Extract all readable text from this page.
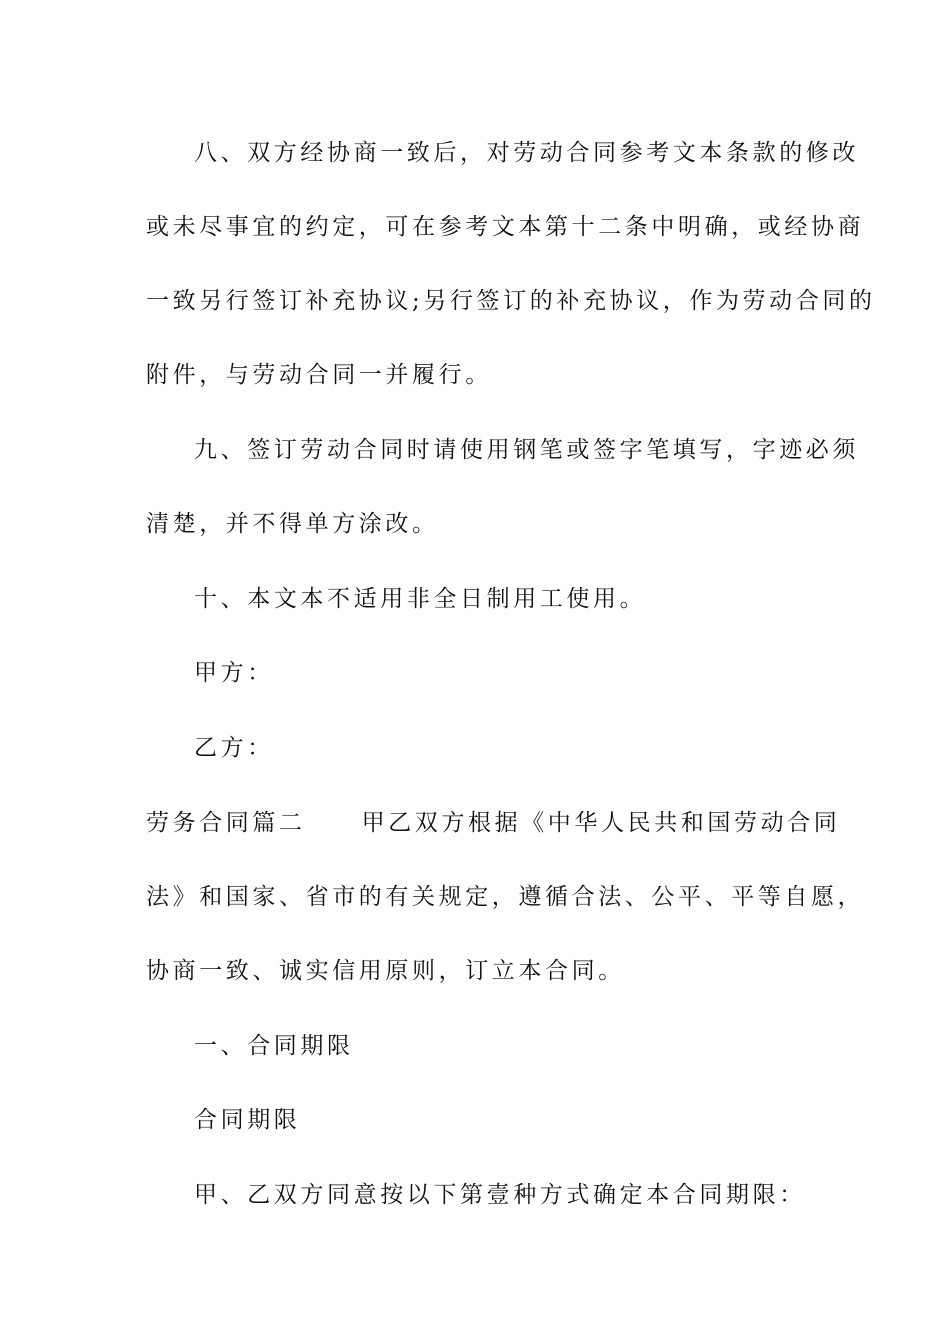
八、双方经协商一致后，对劳动合同参考文本条款的修改
或未尽事宜的约定，可在参考文本第十二条中明确，或经协商
一致另行签订补充协议;另行签订的补充协议，作为劳动合同的
附件，与劳动合同一并履行。
九、签订劳动合同时请使用钢笔或签字笔填写，字迹必须
清楚，并不得单方涂改。
十、本文本不适用非全日制用工使用。
甲方：
乙方：
劳务合同篇二 甲乙双方根据《中华人民共和国劳动合同
法》和国家、省市的有关规定，遵循合法、公平、平等自愿，
协商一致、诚实信用原则，订立本合同。
一、合同期限
合同期限
甲、乙双方同意按以下第壹种方式确定本合同期限：
